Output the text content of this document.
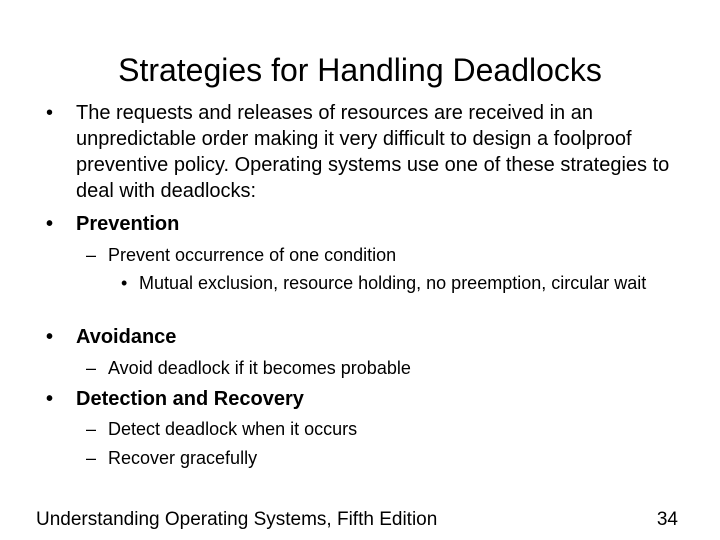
Strategies for Handling Deadlocks
• The requests and releases of resources are received in an unpredictable order making it very difficult to design a foolproof preventive policy. Operating systems use one of these strategies to deal with deadlocks:
• Prevention
– Prevent occurrence of one condition
• Mutual exclusion, resource holding, no preemption, circular wait
• Avoidance
– Avoid deadlock if it becomes probable
• Detection and Recovery
– Detect deadlock when it occurs
– Recover gracefully
Understanding Operating Systems, Fifth Edition	34
